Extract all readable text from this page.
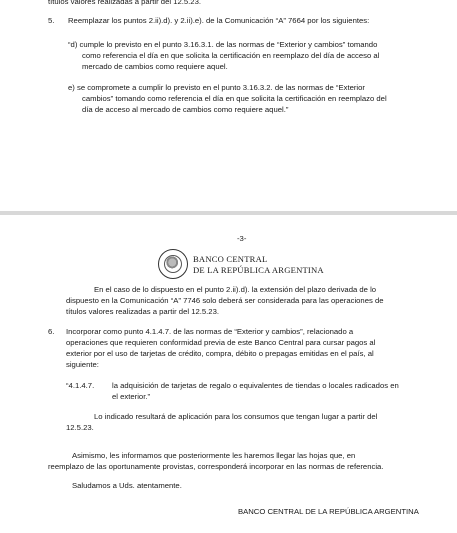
títulos valores realizadas a partir del 12.5.23.
5. Reemplazar los puntos 2.ii).d). y 2.ii).e). de la Comunicación “A” 7664 por los siguientes:
“d) cumple lo previsto en el punto 3.16.3.1. de las normas de “Exterior y cambios” tomando
como referencia el día en que solicita la certificación en reemplazo del día de acceso al
mercado de cambios como requiere aquel.
e) se compromete a cumplir lo previsto en el punto 3.16.3.2. de las normas de “Exterior
cambios” tomando como referencia el día en que solicita la certificación en reemplazo del
día de acceso al mercado de cambios como requiere aquel.”
-3-
BANCO CENTRAL
DE LA REPÚBLICA ARGENTINA
En el caso de lo dispuesto en el punto 2.ii).d). la extensión del plazo derivada de lo
dispuesto en la Comunicación “A” 7746 solo deberá ser considerada para las operaciones de
títulos valores realizadas a partir del 12.5.23.
6. Incorporar como punto 4.1.4.7. de las normas de “Exterior y cambios”, relacionado a
operaciones que requieren conformidad previa de este Banco Central para cursar pagos al
exterior por el uso de tarjetas de crédito, compra, débito o prepagas emitidas en el país, al
siguiente:
“4.1.4.7. la adquisición de tarjetas de regalo o equivalentes de tiendas o locales radicados en
el exterior.”
Lo indicado resultará de aplicación para los consumos que tengan lugar a partir del
12.5.23.
Asimismo, les informamos que posteriormente les haremos llegar las hojas que, en
reemplazo de las oportunamente provistas, corresponderá incorporar en las normas de referencia.
Saludamos a Uds. atentamente.
BANCO CENTRAL DE LA REPÚBLICA ARGENTINA
